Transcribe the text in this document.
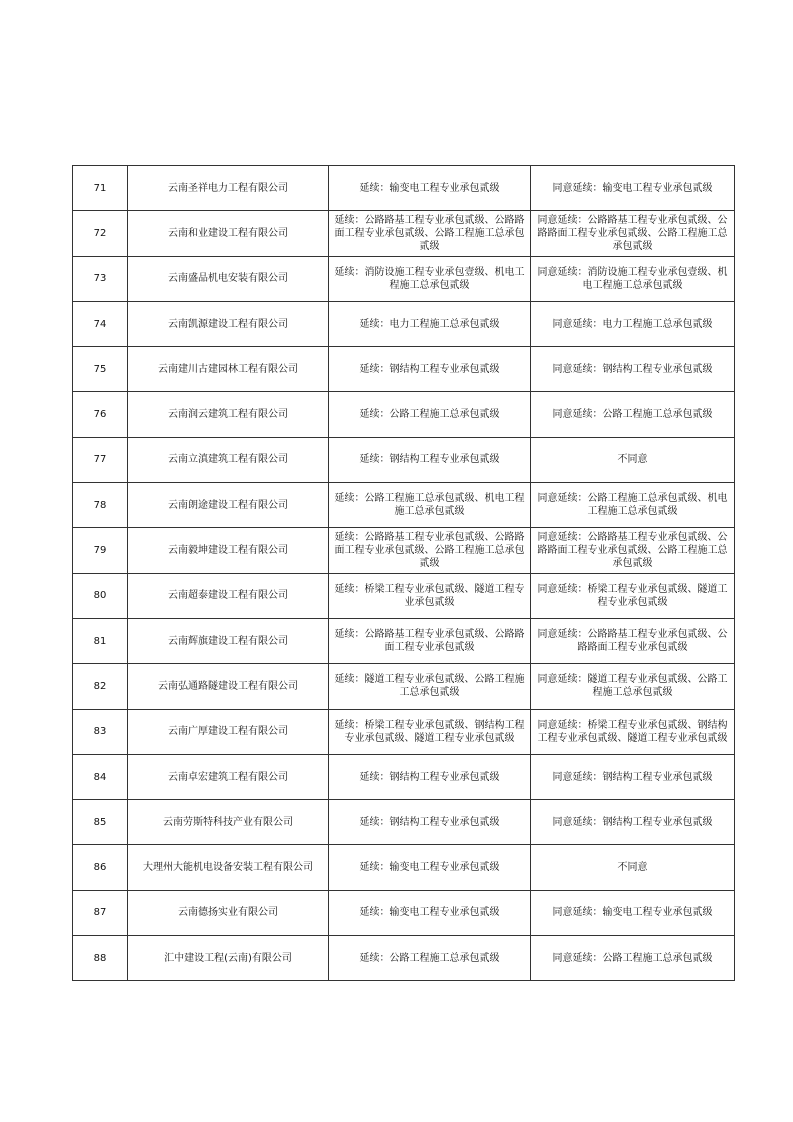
71	云南圣祥电力工程有限公司	延续：输变电工程专业承包贰级	同意延续：输变电工程专业承包贰级
72	云南和业建设工程有限公司	延续：公路路基工程专业承包贰级、公路路面工程专业承包贰级、公路工程施工总承包贰级	同意延续：公路路基工程专业承包贰级、公路路面工程专业承包贰级、公路工程施工总承包贰级
73	云南盛品机电安装有限公司	延续：消防设施工程专业承包壹级、机电工程施工总承包贰级	同意延续：消防设施工程专业承包壹级、机电工程施工总承包贰级
74	云南凯源建设工程有限公司	延续：电力工程施工总承包贰级	同意延续：电力工程施工总承包贰级
75	云南建川古建园林工程有限公司	延续：钢结构工程专业承包贰级	同意延续：钢结构工程专业承包贰级
76	云南润云建筑工程有限公司	延续：公路工程施工总承包贰级	同意延续：公路工程施工总承包贰级
77	云南立滇建筑工程有限公司	延续：钢结构工程专业承包贰级	不同意
78	云南朗途建设工程有限公司	延续：公路工程施工总承包贰级、机电工程施工总承包贰级	同意延续：公路工程施工总承包贰级、机电工程施工总承包贰级
79	云南毅坤建设工程有限公司	延续：公路路基工程专业承包贰级、公路路面工程专业承包贰级、公路工程施工总承包贰级	同意延续：公路路基工程专业承包贰级、公路路面工程专业承包贰级、公路工程施工总承包贰级
80	云南超泰建设工程有限公司	延续：桥梁工程专业承包贰级、隧道工程专业承包贰级	同意延续：桥梁工程专业承包贰级、隧道工程专业承包贰级
81	云南辉旗建设工程有限公司	延续：公路路基工程专业承包贰级、公路路面工程专业承包贰级	同意延续：公路路基工程专业承包贰级、公路路面工程专业承包贰级
82	云南弘通路隧建设工程有限公司	延续：隧道工程专业承包贰级、公路工程施工总承包贰级	同意延续：隧道工程专业承包贰级、公路工程施工总承包贰级
83	云南广厚建设工程有限公司	延续：桥梁工程专业承包贰级、钢结构工程专业承包贰级、隧道工程专业承包贰级	同意延续：桥梁工程专业承包贰级、钢结构工程专业承包贰级、隧道工程专业承包贰级
84	云南卓宏建筑工程有限公司	延续：钢结构工程专业承包贰级	同意延续：钢结构工程专业承包贰级
85	云南劳斯特科技产业有限公司	延续：钢结构工程专业承包贰级	同意延续：钢结构工程专业承包贰级
86	大理州大能机电设备安装工程有限公司	延续：输变电工程专业承包贰级	不同意
87	云南德扬实业有限公司	延续：输变电工程专业承包贰级	同意延续：输变电工程专业承包贰级
88	汇中建设工程(云南)有限公司	延续：公路工程施工总承包贰级	同意延续：公路工程施工总承包贰级
